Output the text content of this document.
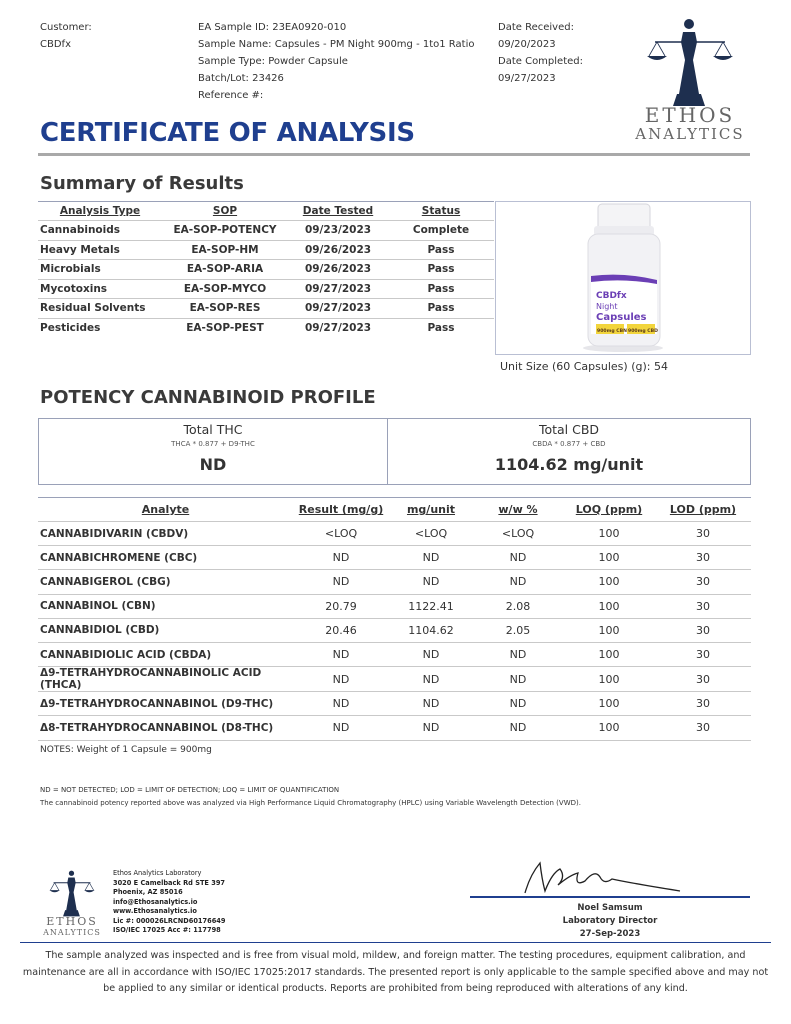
Customer:
CBDfx
EA Sample ID: 23EA0920-010
Sample Name: Capsules - PM Night 900mg - 1to1 Ratio
Sample Type: Powder Capsule
Batch/Lot: 23426
Reference #:
Date Received:
09/20/2023
Date Completed:
09/27/2023
ETHOS
ANALYTICS
CERTIFICATE OF ANALYSIS
Summary of Results
Analysis Type	SOP	Date Tested	Status
Cannabinoids	EA-SOP-POTENCY	09/23/2023	Complete
Heavy Metals	EA-SOP-HM	09/26/2023	Pass
Microbials	EA-SOP-ARIA	09/26/2023	Pass
Mycotoxins	EA-SOP-MYCO	09/27/2023	Pass
Residual Solvents	EA-SOP-RES	09/27/2023	Pass
Pesticides	EA-SOP-PEST	09/27/2023	Pass
CBDfx
Night
Capsules
900mg CBN 900mg CBD
Unit Size (60 Capsules) (g): 54
POTENCY CANNABINOID PROFILE
Total THC
THCA * 0.877 + D9-THC
ND
Total CBD
CBDA * 0.877 + CBD
1104.62 mg/unit
Analyte	Result (mg/g)	mg/unit	w/w %	LOQ (ppm)	LOD (ppm)
CANNABIDIVARIN (CBDV)	<LOQ	<LOQ	<LOQ	100	30
CANNABICHROMENE (CBC)	ND	ND	ND	100	30
CANNABIGEROL (CBG)	ND	ND	ND	100	30
CANNABINOL (CBN)	20.79	1122.41	2.08	100	30
CANNABIDIOL (CBD)	20.46	1104.62	2.05	100	30
CANNABIDIOLIC ACID (CBDA)	ND	ND	ND	100	30
Δ9-TETRAHYDROCANNABINOLIC ACID (THCA)	ND	ND	ND	100	30
Δ9-TETRAHYDROCANNABINOL (D9-THC)	ND	ND	ND	100	30
Δ8-TETRAHYDROCANNABINOL (D8-THC)	ND	ND	ND	100	30
NOTES: Weight of 1 Capsule = 900mg
ND = NOT DETECTED; LOD = LIMIT OF DETECTION; LOQ = LIMIT OF QUANTIFICATION
The cannabinoid potency reported above was analyzed via High Performance Liquid Chromatography (HPLC) using Variable Wavelength Detection (VWD).
ETHOS
ANALYTICS
Ethos Analytics Laboratory
3020 E Camelback Rd STE 397
Phoenix, AZ 85016
info@Ethosanalytics.io
www.Ethosanalytics.io
Lic #: 000026LRCND60176649
ISO/IEC 17025 Acc #: 117798
Noel Samsum
Laboratory Director
27-Sep-2023
The sample analyzed was inspected and is free from visual mold, mildew, and foreign matter. The testing procedures, equipment calibration, and maintenance are all in accordance with ISO/IEC 17025:2017 standards. The presented report is only applicable to the sample specified above and may not be applied to any similar or identical products. Reports are prohibited from being reproduced with alterations of any kind.
